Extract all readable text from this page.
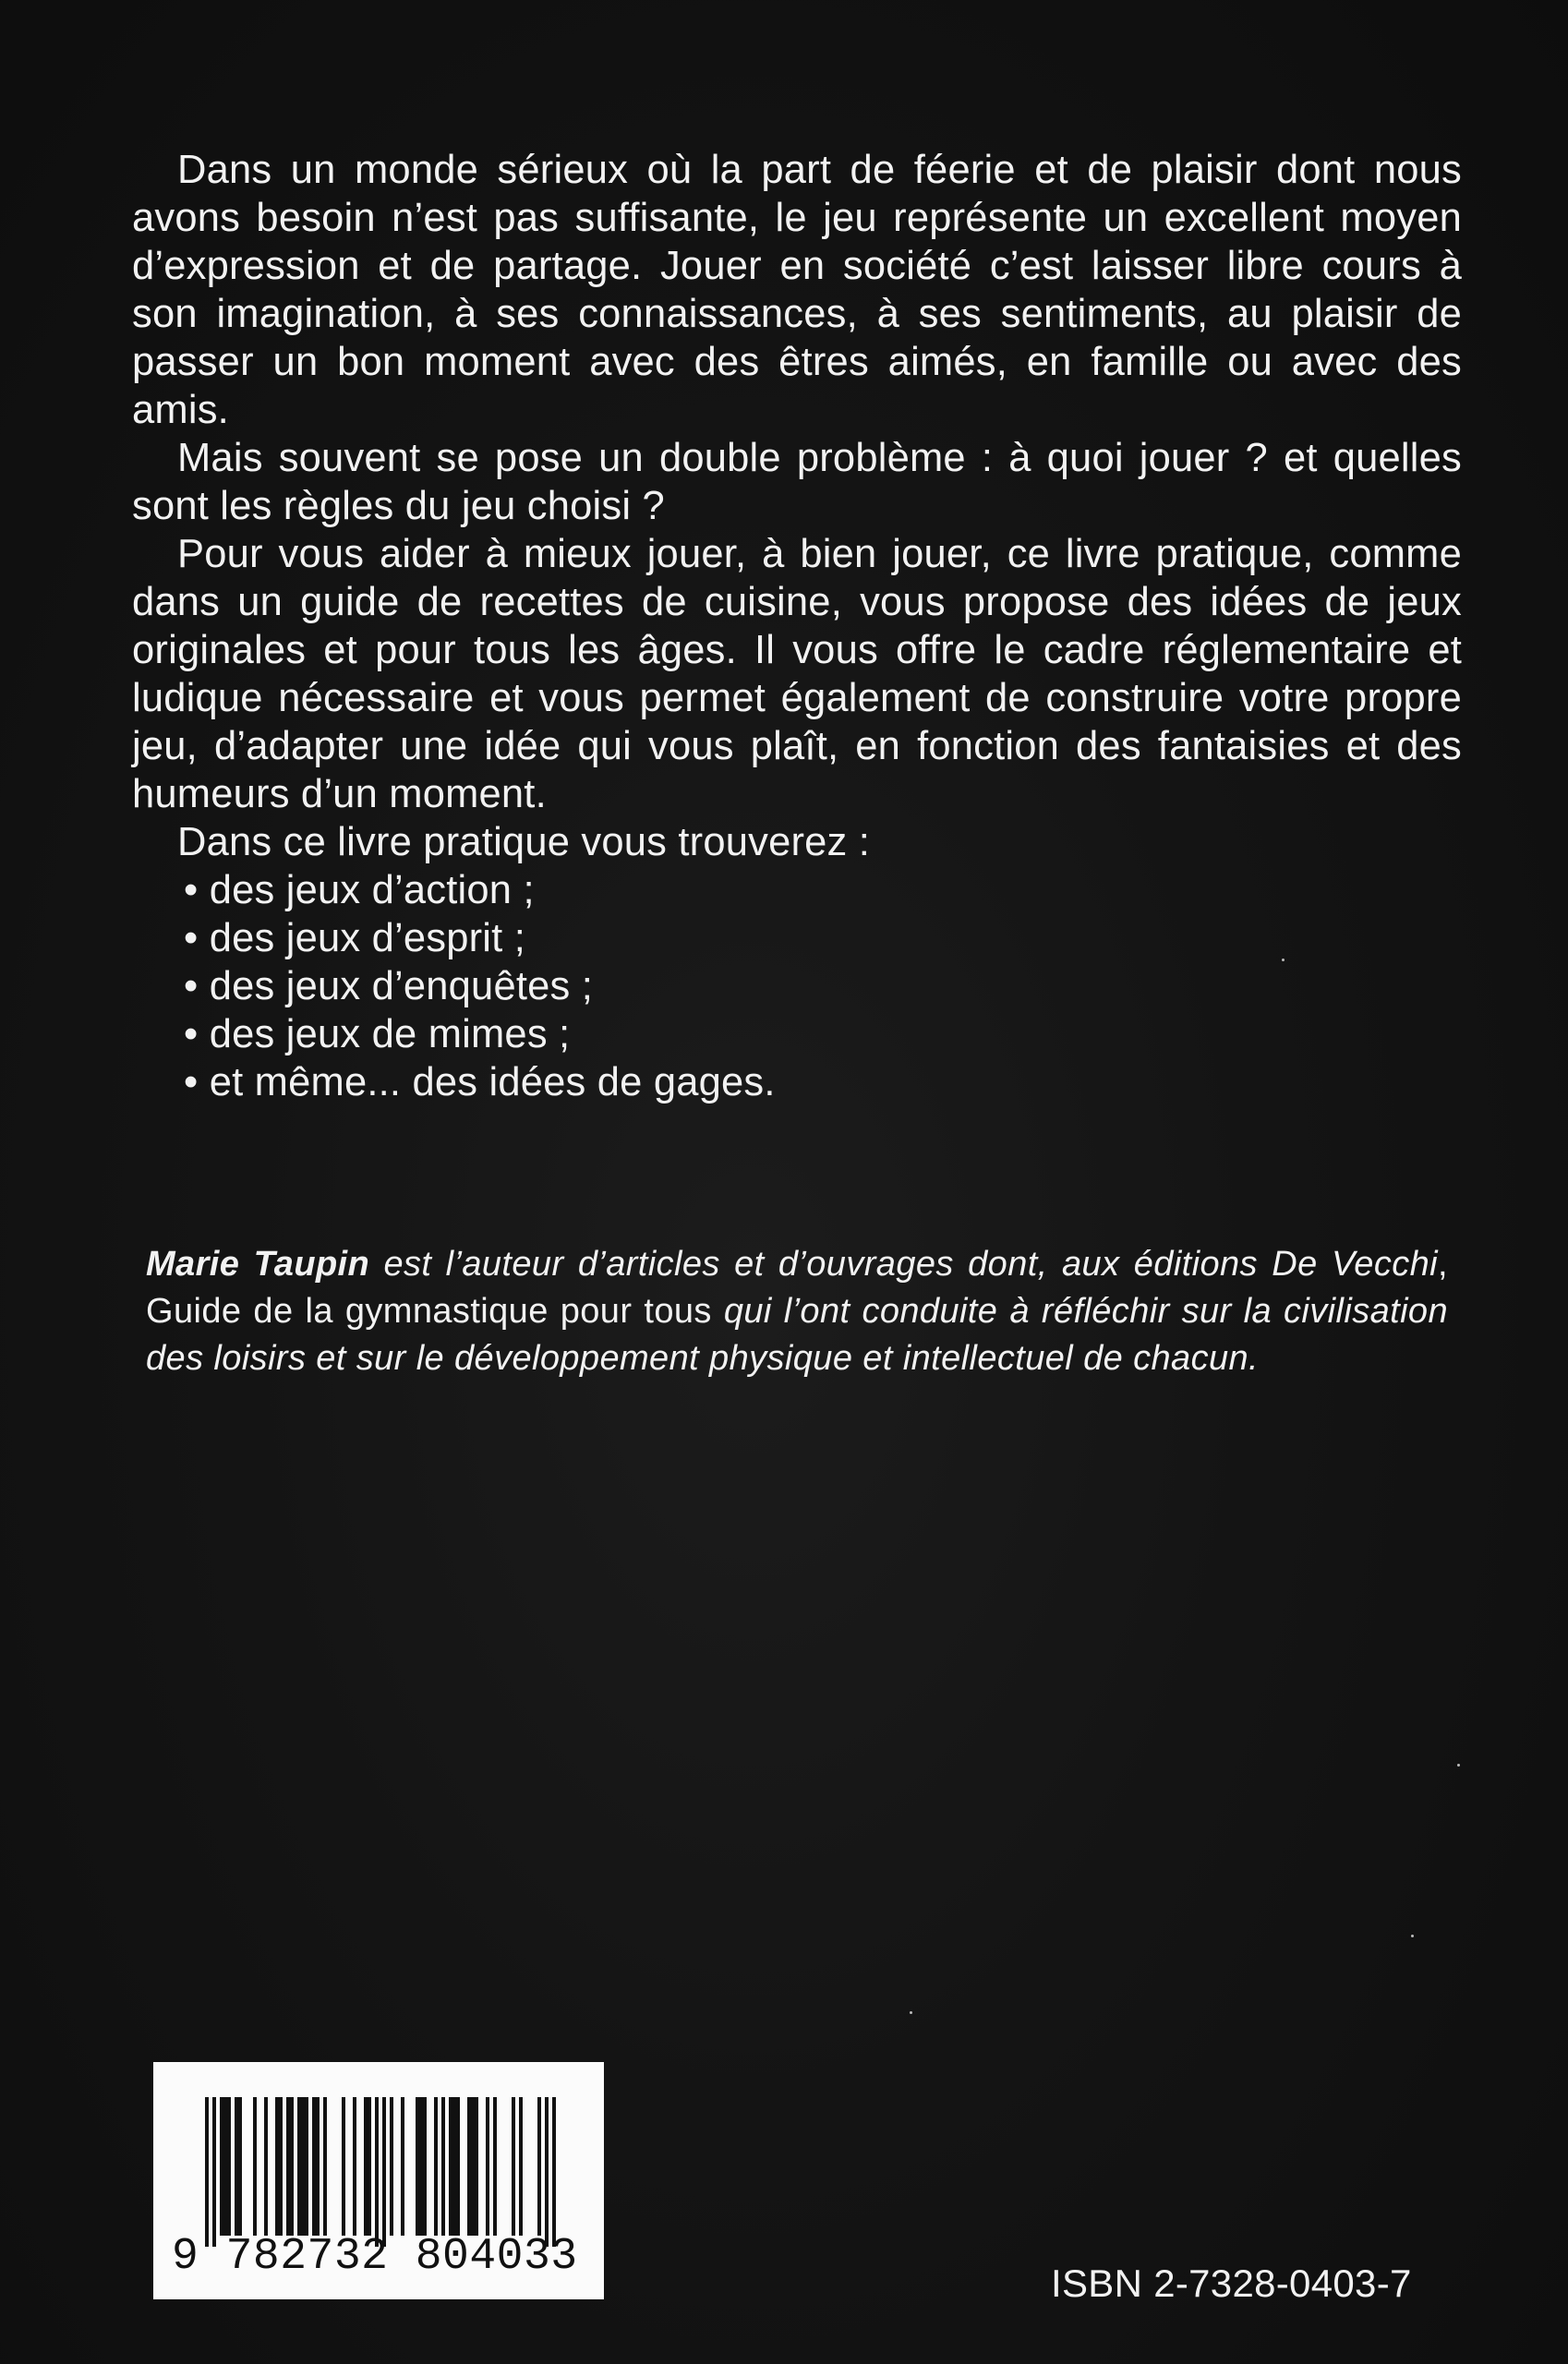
Dans un monde sérieux où la part de féerie et de plaisir dont nous avons besoin n’est pas suffisante, le jeu représente un excellent moyen d’expression et de partage. Jouer en société c’est laisser libre cours à son imagination, à ses connaissances, à ses sentiments, au plaisir de passer un bon moment avec des êtres aimés, en famille ou avec des amis.

Mais souvent se pose un double problème : à quoi jouer ? et quelles sont les règles du jeu choisi ?

Pour vous aider à mieux jouer, à bien jouer, ce livre pratique, comme dans un guide de recettes de cuisine, vous propose des idées de jeux originales et pour tous les âges. Il vous offre le cadre réglementaire et ludique nécessaire et vous permet également de construire votre propre jeu, d’adapter une idée qui vous plaît, en fonction des fantaisies et des humeurs d’un moment.

Dans ce livre pratique vous trouverez :

• des jeux d’action ;
• des jeux d’esprit ;
• des jeux d’enquêtes ;
• des jeux de mimes ;
• et même... des idées de gages.

Marie Taupin est l’auteur d’articles et d’ouvrages dont, aux éditions De Vecchi, Guide de la gymnastique pour tous qui l’ont conduite à réfléchir sur la civilisation des loisirs et sur le développement physique et intellectuel de chacun.

9 782732 804033
ISBN 2-7328-0403-7
